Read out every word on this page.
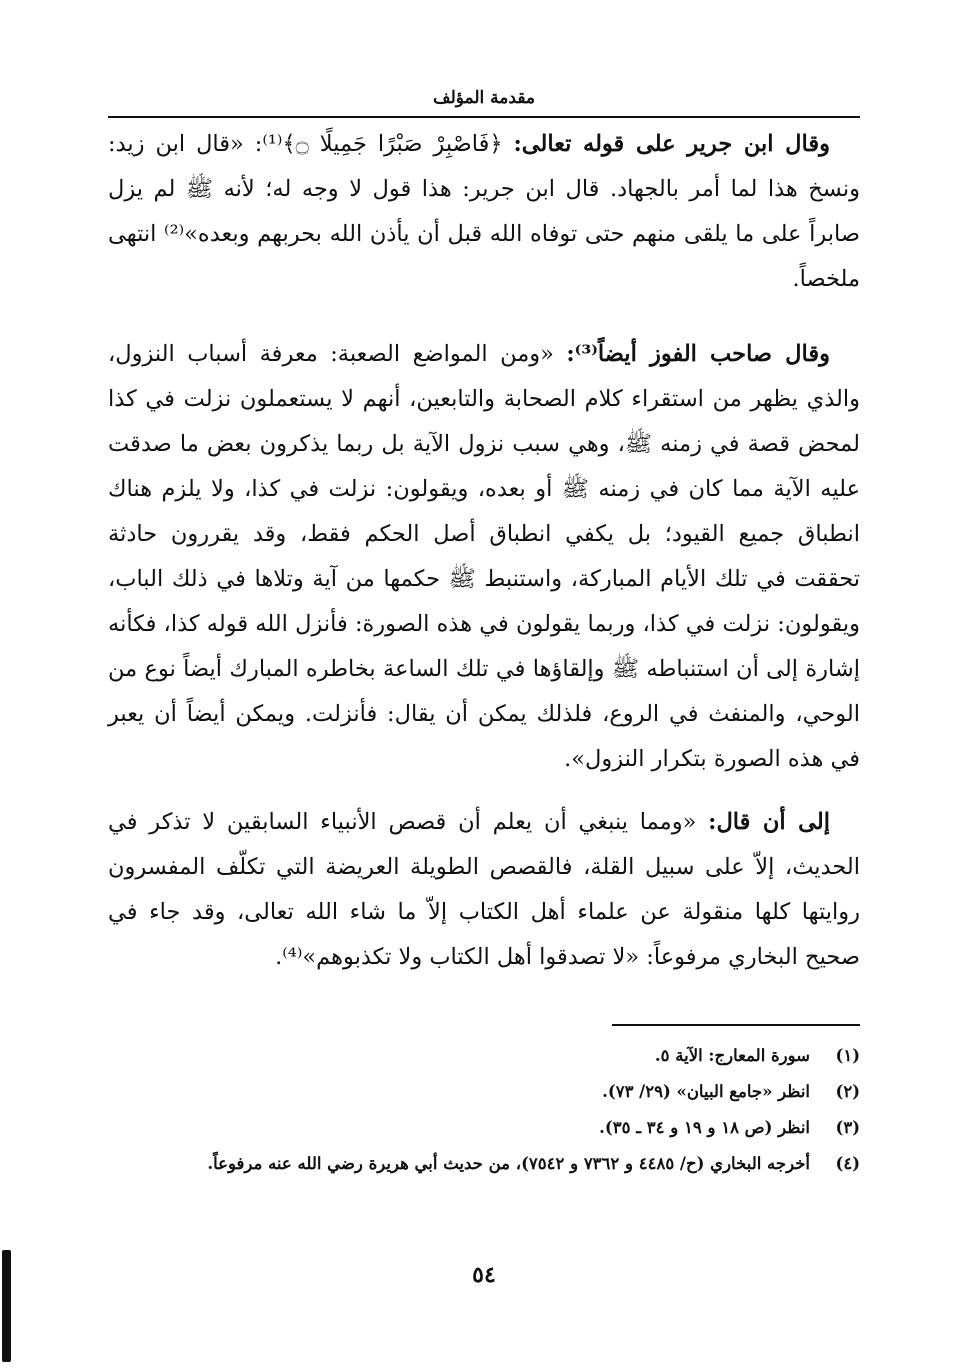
مقدمة المؤلف

وقال ابن جرير على قوله تعالى: ﴿فَاصْبِرْ صَبْرًا جَمِيلًا ۝﴾⁽¹⁾: «قال ابن زيد: ونسخ هذا لما أمر بالجهاد. قال ابن جرير: هذا قول لا وجه له؛ لأنه ﷺ لم يزل صابراً على ما يلقى منهم حتى توفاه الله قبل أن يأذن الله بحربهم وبعده»⁽²⁾ انتهى ملخصاً.

وقال صاحب الفوز أيضاً⁽³⁾: «ومن المواضع الصعبة: معرفة أسباب النزول، والذي يظهر من استقراء كلام الصحابة والتابعين، أنهم لا يستعملون نزلت في كذا لمحض قصة في زمنه ﷺ، وهي سبب نزول الآية بل ربما يذكرون بعض ما صدقت عليه الآية مما كان في زمنه ﷺ أو بعده، ويقولون: نزلت في كذا، ولا يلزم هناك انطباق جميع القيود؛ بل يكفي انطباق أصل الحكم فقط، وقد يقررون حادثة تحققت في تلك الأيام المباركة، واستنبط ﷺ حكمها من آية وتلاها في ذلك الباب، ويقولون: نزلت في كذا، وربما يقولون في هذه الصورة: فأنزل الله قوله كذا، فكأنه إشارة إلى أن استنباطه ﷺ وإلقاؤها في تلك الساعة بخاطره المبارك أيضاً نوع من الوحي، والمنفث في الروع، فلذلك يمكن أن يقال: فأنزلت. ويمكن أيضاً أن يعبر في هذه الصورة بتكرار النزول».

إلى أن قال: «ومما ينبغي أن يعلم أن قصص الأنبياء السابقين لا تذكر في الحديث، إلاّ على سبيل القلة، فالقصص الطويلة العريضة التي تكلّف المفسرون روايتها كلها منقولة عن علماء أهل الكتاب إلاّ ما شاء الله تعالى، وقد جاء في صحيح البخاري مرفوعاً: «لا تصدقوا أهل الكتاب ولا تكذبوهم»⁽⁴⁾.

(١)
سورة المعارج: الآية ٥.
(٢)
انظر «جامع البيان» (٢٩/ ٧٣).
(٣)
انظر (ص ١٨ و ١٩ و ٣٤ ـ ٣٥).
(٤)
أخرجه البخاري (ح/ ٤٤٨٥ و ٧٣٦٢ و ٧٥٤٢)، من حديث أبي هريرة رضي الله عنه مرفوعاً.
٥٤
